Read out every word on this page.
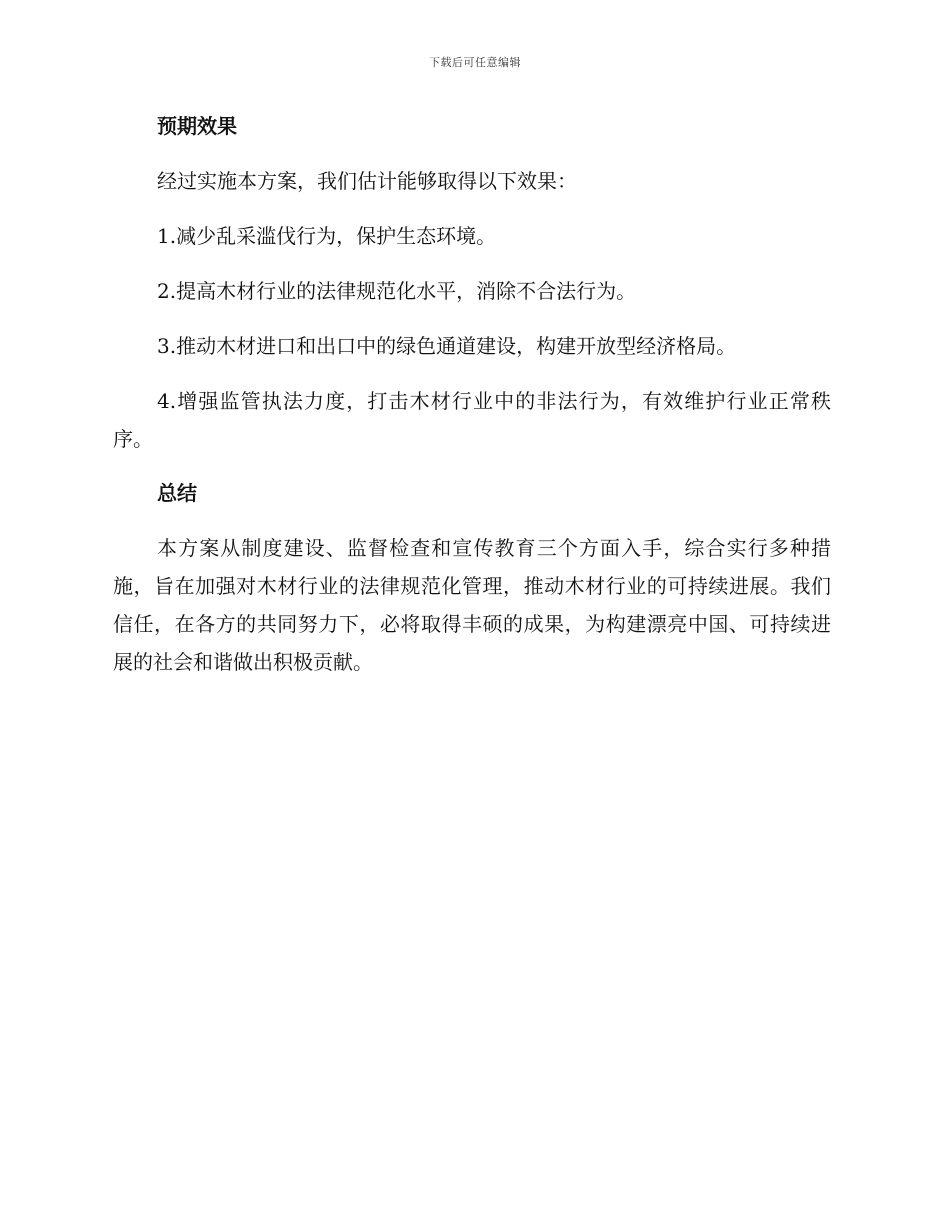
下载后可任意编辑
预期效果

经过实施本方案，我们估计能够取得以下效果：

1.减少乱采滥伐行为，保护生态环境。

2.提高木材行业的法律规范化水平，消除不合法行为。

3.推动木材进口和出口中的绿色通道建设，构建开放型经济格局。

4.增强监管执法力度，打击木材行业中的非法行为，有效维护行业正常秩序。

总结

本方案从制度建设、监督检查和宣传教育三个方面入手，综合实行多种措施，旨在加强对木材行业的法律规范化管理，推动木材行业的可持续进展。我们信任，在各方的共同努力下，必将取得丰硕的成果，为构建漂亮中国、可持续进展的社会和谐做出积极贡献。
